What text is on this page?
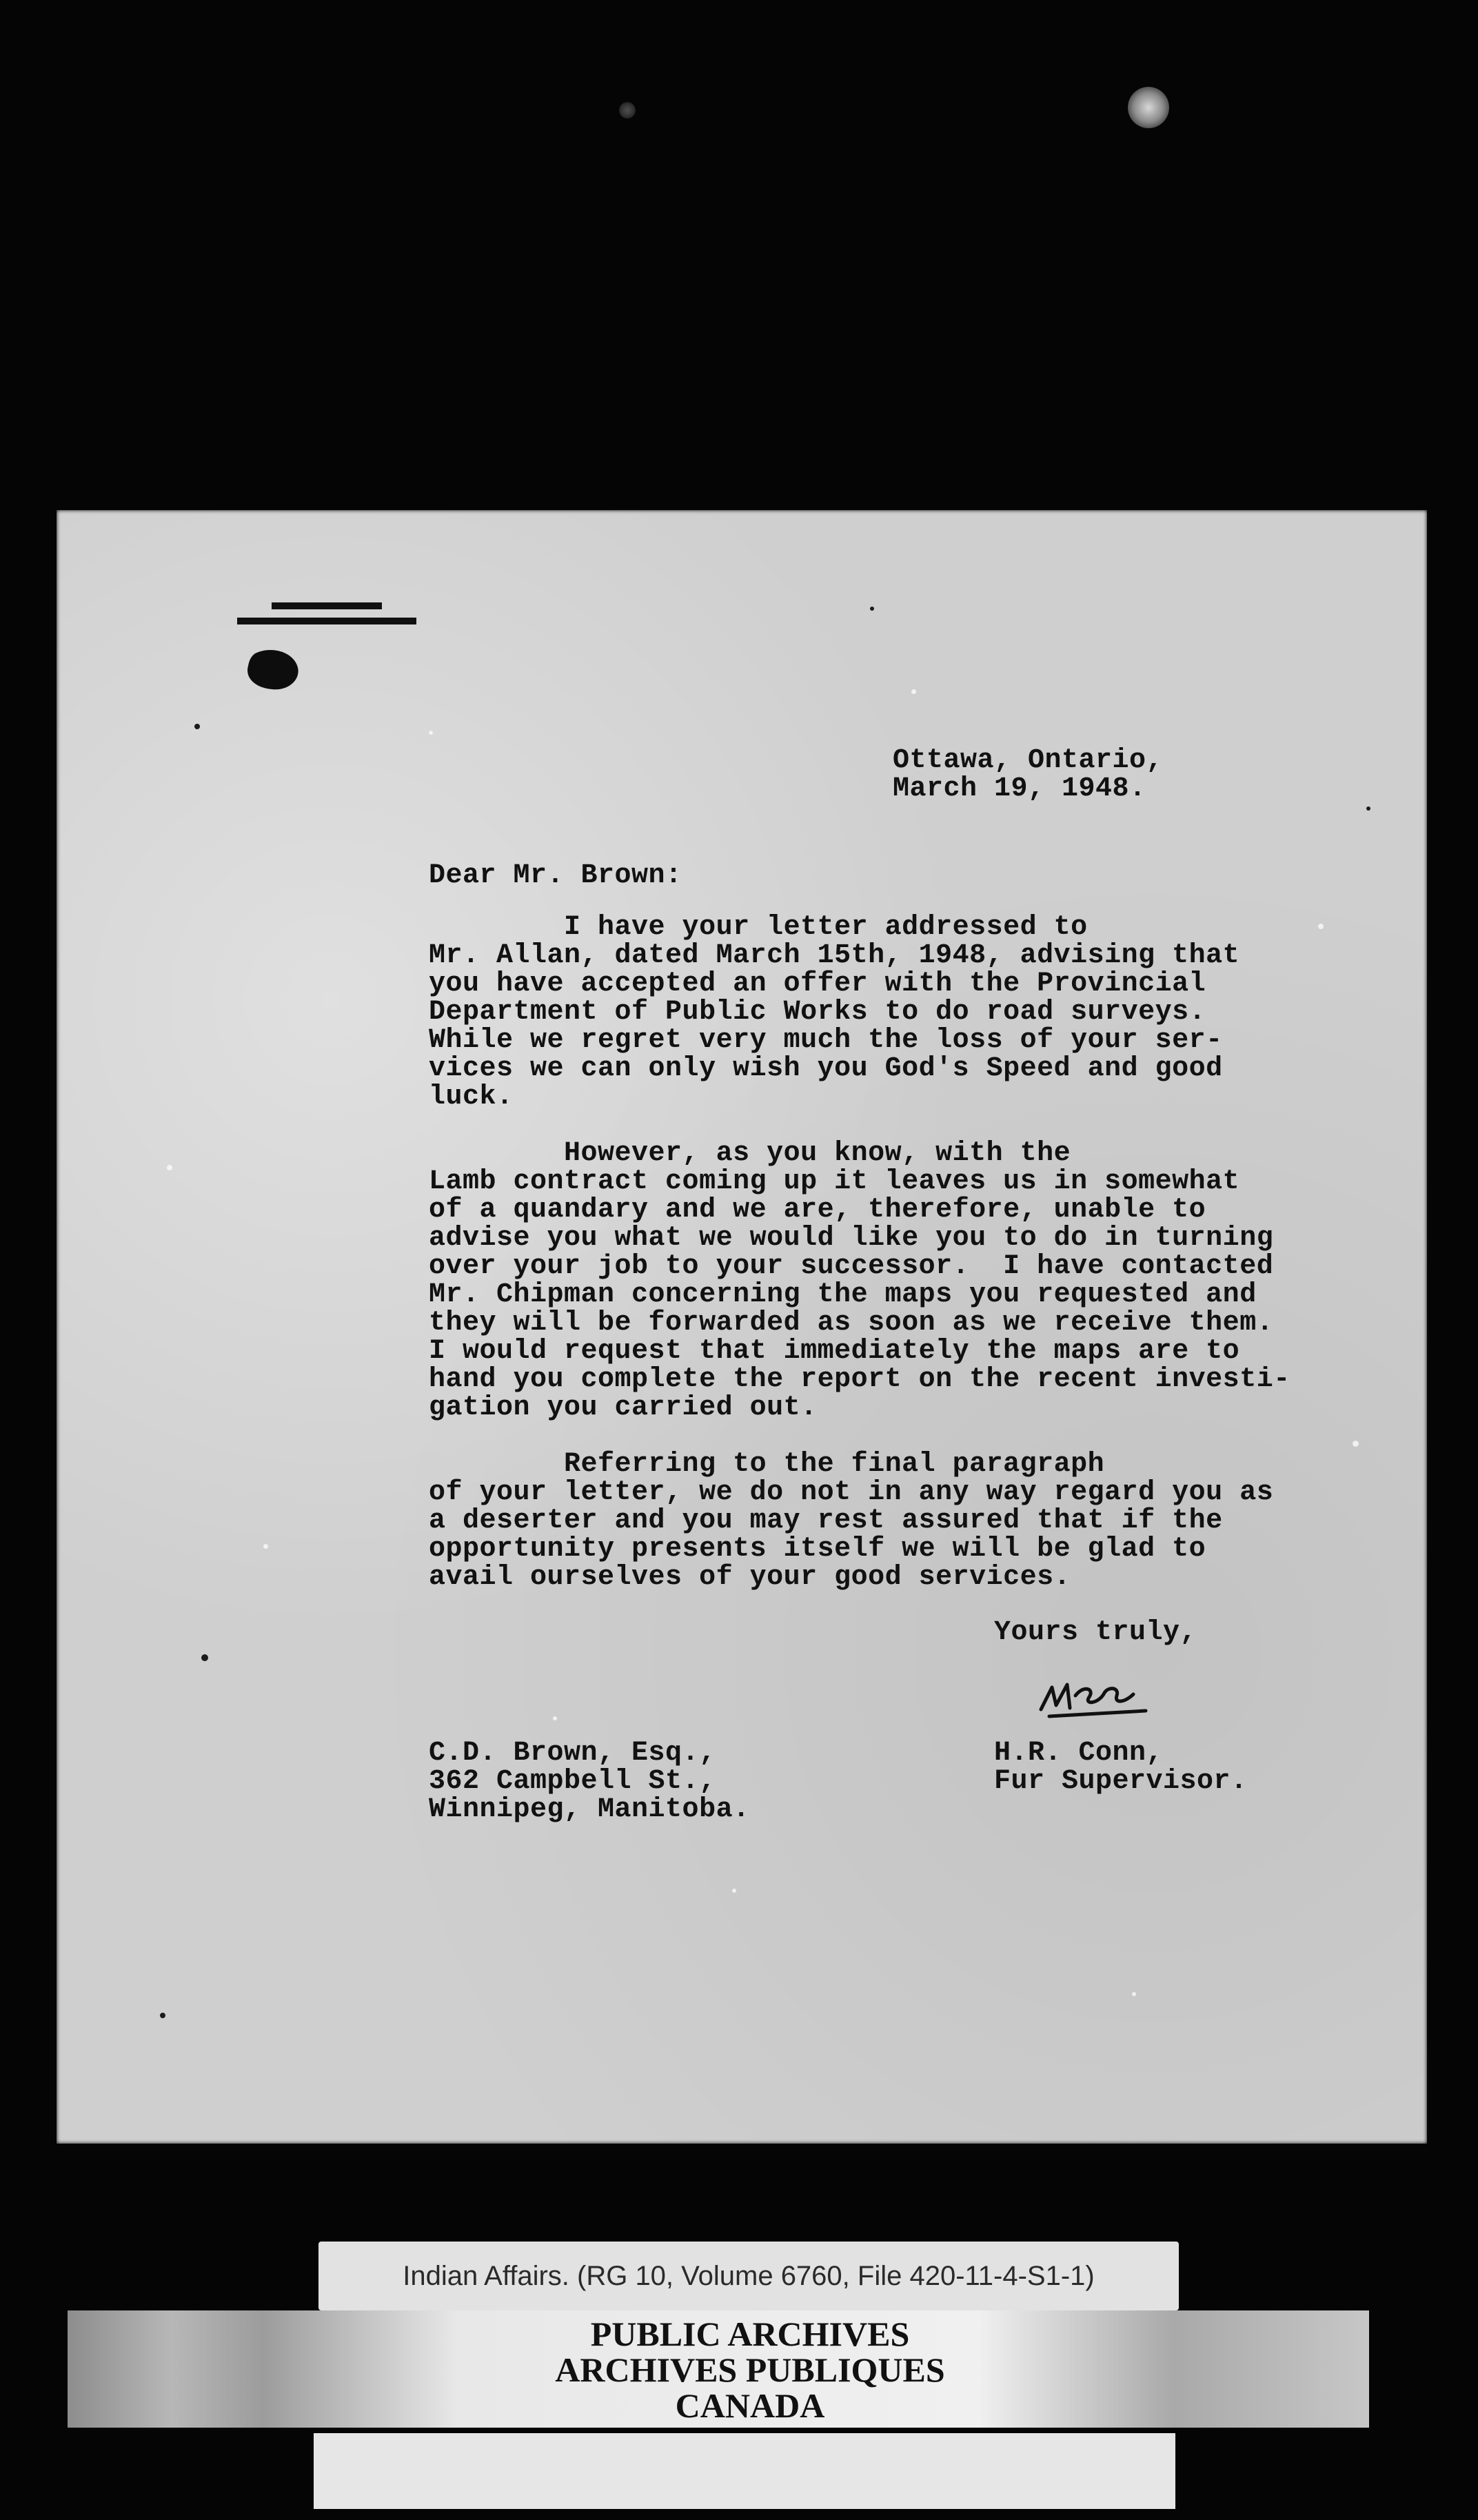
Ottawa, Ontario,
March 19, 1948.
Dear Mr. Brown:
I have your letter addressed to
Mr. Allan, dated March 15th, 1948, advising that
you have accepted an offer with the Provincial
Department of Public Works to do road surveys.
While we regret very much the loss of your ser-
vices we can only wish you God's Speed and good
luck.
However, as you know, with the
Lamb contract coming up it leaves us in somewhat
of a quandary and we are, therefore, unable to
advise you what we would like you to do in turning
over your job to your successor.  I have contacted
Mr. Chipman concerning the maps you requested and
they will be forwarded as soon as we receive them.
I would request that immediately the maps are to
hand you complete the report on the recent investi-
gation you carried out.
Referring to the final paragraph
of your letter, we do not in any way regard you as
a deserter and you may rest assured that if the
opportunity presents itself we will be glad to
avail ourselves of your good services.
Yours truly,
C.D. Brown, Esq.,
362 Campbell St.,
Winnipeg, Manitoba.
H.R. Conn,
Fur Supervisor.
Indian Affairs. (RG 10, Volume 6760, File 420-11-4-S1-1)
PUBLIC ARCHIVES
ARCHIVES PUBLIQUES
CANADA
